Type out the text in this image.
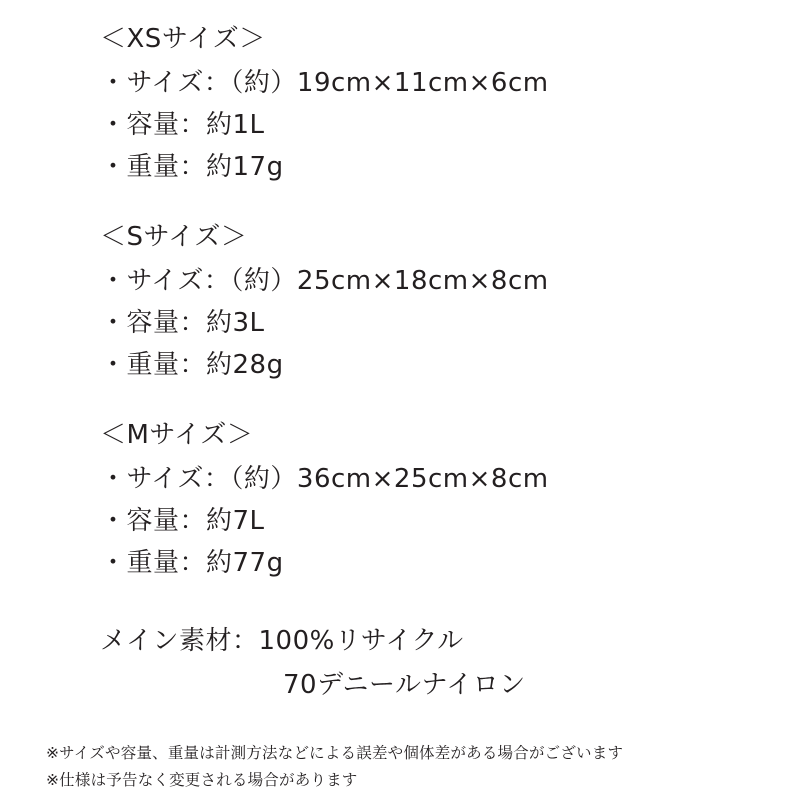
＜XSサイズ＞
・サイズ：（約）19cm×11cm×6cm
・容量：約1L
・重量：約17g
＜Sサイズ＞
・サイズ：（約）25cm×18cm×8cm
・容量：約3L
・重量：約28g
＜Mサイズ＞
・サイズ：（約）36cm×25cm×8cm
・容量：約7L
・重量：約77g
メイン素材：100%リサイクル
70デニールナイロン
※サイズや容量、重量は計測方法などによる誤差や個体差がある場合がございます
※仕様は予告なく変更される場合があります
